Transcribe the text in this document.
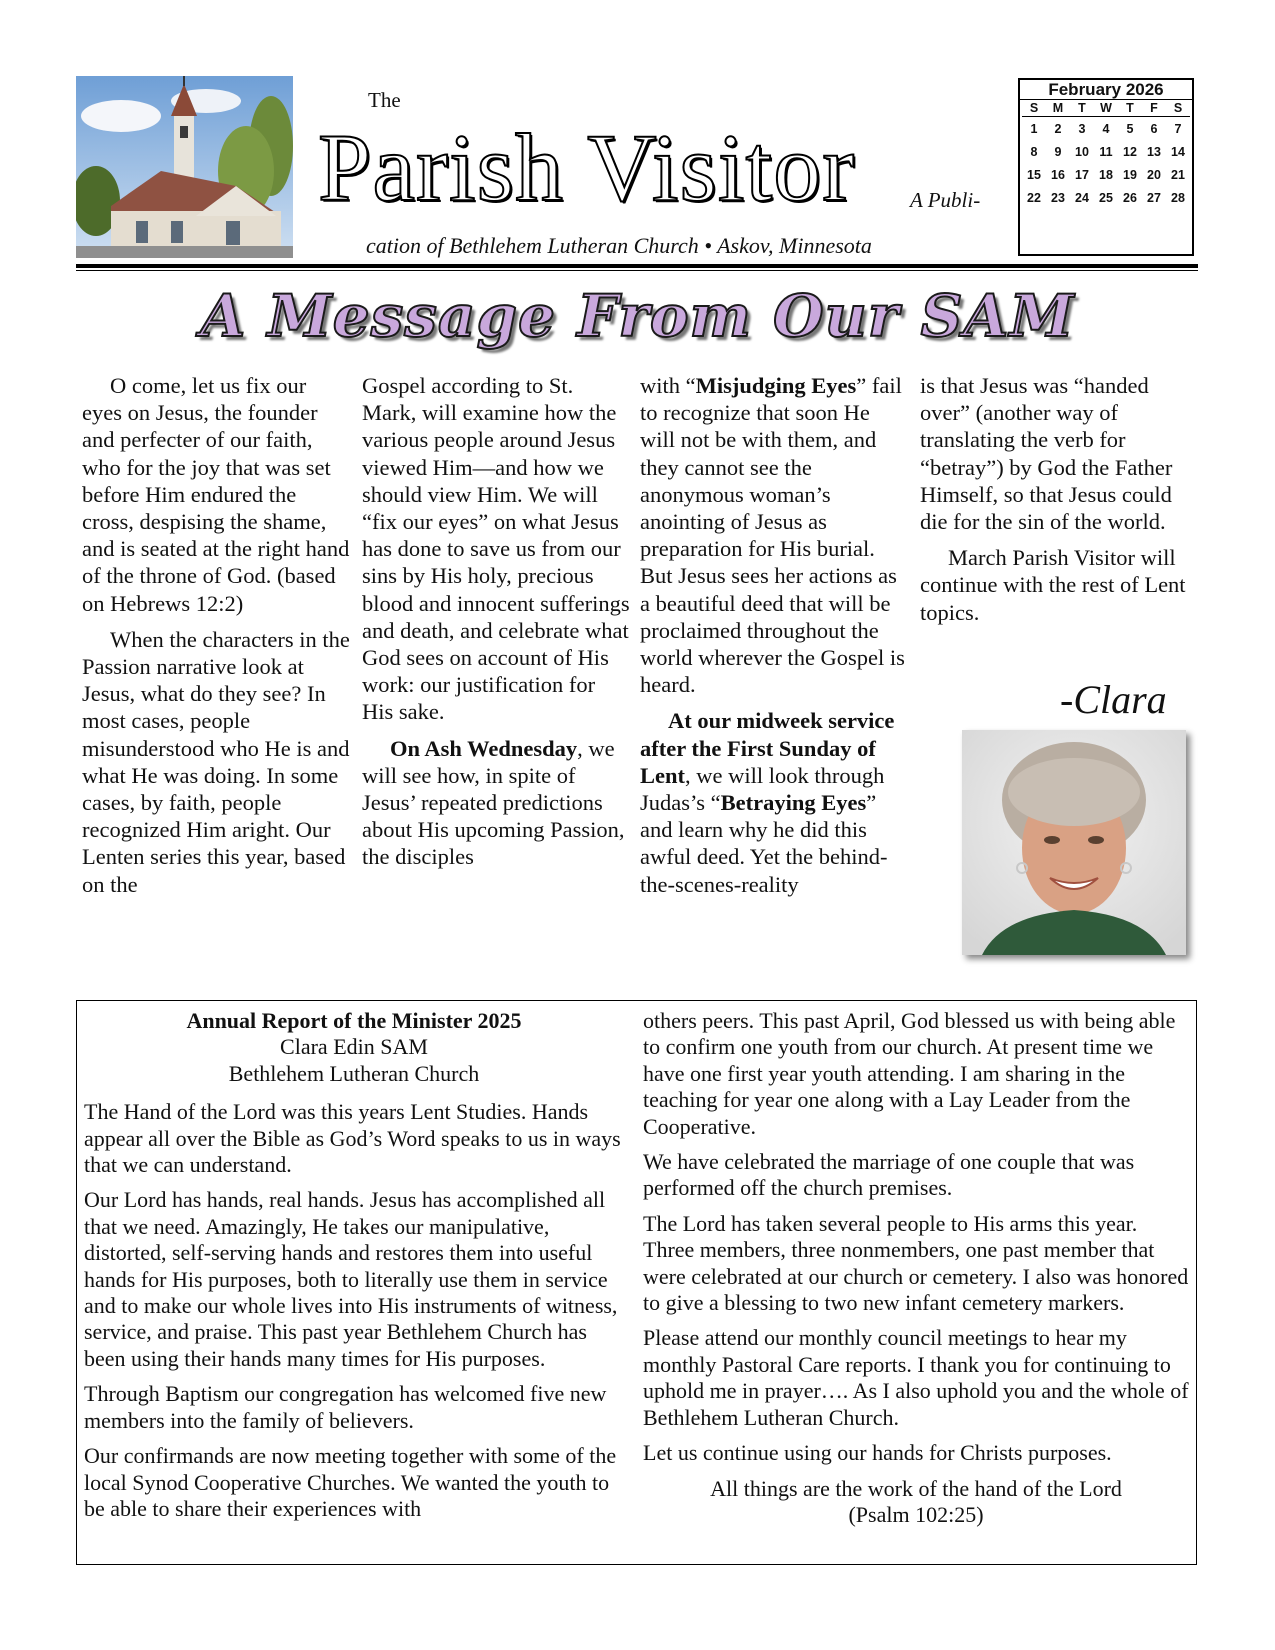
The
Parish Visitor	A Publi-
cation of Bethlehem Lutheran Church • Askov, Minnesota
February 2026
S	M	T	W	T	F	S
1	2	3	4	5	6	7
8	9	10 11 12 13 14
15 16 17 18 19 20 21
22 23 24 25 26 27 28
A Message From Our SAM

O come, let us fix our eyes on Jesus, the founder and perfecter of our faith, who for the joy that was set before Him endured the cross, despising the shame, and is seated at the right hand of the throne of God. (based on Hebrews 12:2)

When the characters in the Passion narrative look at Jesus, what do they see? In most cases, people misunderstood who He is and what He was doing. In some cases, by faith, people recognized Him aright. Our Lenten series this year, based on the

Gospel according to St. Mark, will examine how the various people around Jesus viewed Him—and how we should view Him. We will “fix our eyes” on what Jesus has done to save us from our sins by His holy, precious blood and innocent sufferings and death, and celebrate what God sees on account of His work: our justification for His sake.

On Ash Wednesday, we will see how, in spite of Jesus’ repeated predictions about His upcoming Passion, the disciples

with “Misjudging Eyes” fail to recognize that soon He will not be with them, and they cannot see the anonymous woman’s anointing of Jesus as preparation for His burial. But Jesus sees her actions as a beautiful deed that will be proclaimed throughout the world wherever the Gospel is heard.

At our midweek service after the First Sunday of Lent, we will look through Judas’s “Betraying Eyes” and learn why he did this awful deed. Yet the behind-the-scenes-reality

is that Jesus was “handed over” (another way of translating the verb for “betray”) by God the Father Himself, so that Jesus could die for the sin of the world.

March Parish Visitor will continue with the rest of Lent topics.

-Clara
Annual Report of the Minister 2025
Clara Edin SAM
Bethlehem Lutheran Church

The Hand of the Lord was this years Lent Studies. Hands appear all over the Bible as God’s Word speaks to us in ways that we can understand.

Our Lord has hands, real hands. Jesus has accomplished all that we need. Amazingly, He takes our manipulative, distorted, self-serving hands and restores them into useful hands for His purposes, both to literally use them in service and to make our whole lives into His instruments of witness, service, and praise. This past year Bethlehem Church has been using their hands many times for His purposes.

Through Baptism our congregation has welcomed five new members into the family of believers.

Our confirmands are now meeting together with some of the local Synod Cooperative Churches. We wanted the youth to be able to share their experiences with

others peers. This past April, God blessed us with being able to confirm one youth from our church. At present time we have one first year youth attending. I am sharing in the teaching for year one along with a Lay Leader from the Cooperative.

We have celebrated the marriage of one couple that was performed off the church premises.

The Lord has taken several people to His arms this year. Three members, three nonmembers, one past member that were celebrated at our church or cemetery. I also was honored to give a blessing to two new infant cemetery markers.

Please attend our monthly council meetings to hear my monthly Pastoral Care reports. I thank you for continuing to uphold me in prayer…. As I also uphold you and the whole of Bethlehem Lutheran Church.

Let us continue using our hands for Christs purposes.

All things are the work of the hand of the Lord
(Psalm 102:25)
